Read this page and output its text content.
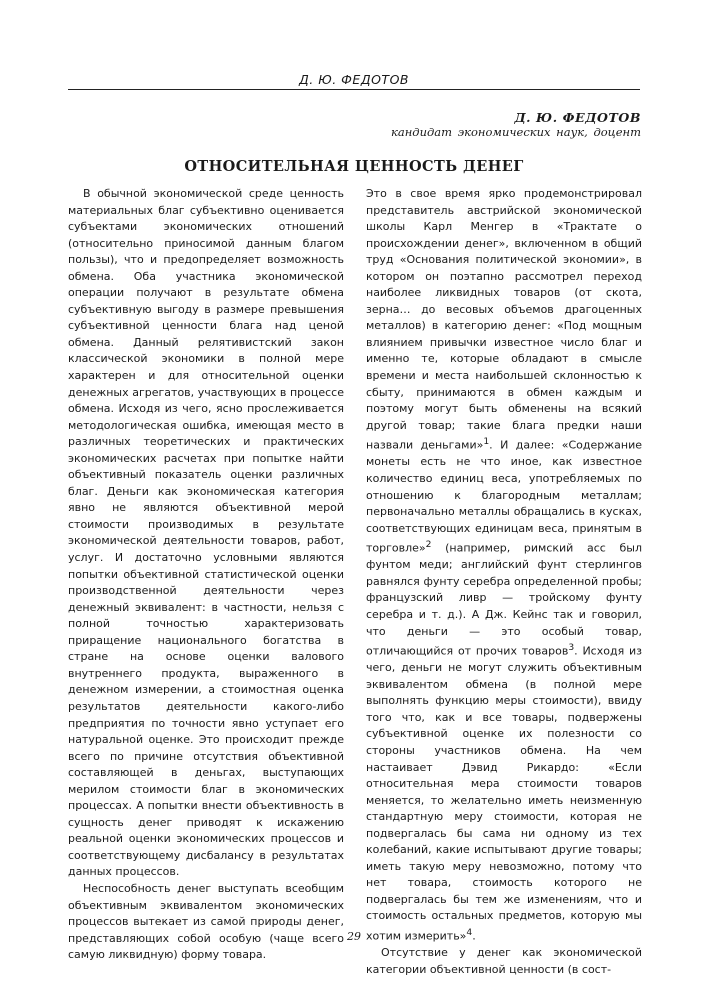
Д. Ю. ФЕДОТОВ
Д. Ю. ФЕДОТОВ
кандидат экономических наук, доцент
ОТНОСИТЕЛЬНАЯ ЦЕННОСТЬ ДЕНЕГ

В обычной экономической среде ценность материальных благ субъективно оценивается субъектами экономических отношений (относительно приносимой данным благом пользы), что и предопределяет возможность обмена. Оба участника экономической операции получают в результате обмена субъективную выгоду в размере превышения субъективной ценности блага над ценой обмена. Данный релятивистский закон классической экономики в полной мере характерен и для относительной оценки денежных агрегатов, участвующих в процессе обмена. Исходя из чего, ясно прослеживается методологическая ошибка, имеющая место в различных теоретических и практических экономических расчетах при попытке найти объективный показатель оценки различных благ. Деньги как экономическая категория явно не являются объективной мерой стоимости производимых в результате экономической деятельности товаров, работ, услуг. И достаточно условными являются попытки объективной статистической оценки производственной деятельности через денежный эквивалент: в частности, нельзя с полной точностью характеризовать приращение национального богатства в стране на основе оценки валового внутреннего продукта, выраженного в денежном измерении, а стоимостная оценка результатов деятельности какого-либо предприятия по точности явно уступает его натуральной оценке. Это происходит прежде всего по причине отсутствия объективной составляющей в деньгах, выступающих мерилом стоимости благ в экономических процессах. А попытки внести объективность в сущность денег приводят к искажению реальной оценки экономических процессов и соответствующему дисбалансу в результатах данных процессов.

Неспособность денег выступать всеобщим объективным эквивалентом экономических процессов вытекает из самой природы денег, представляющих собой особую (чаще всего самую ликвидную) форму товара.

Это в свое время ярко продемонстрировал представитель австрийской экономической школы Карл Менгер в «Трактате о происхождении денег», включенном в общий труд «Основания политической экономии», в котором он поэтапно рассмотрел переход наиболее ликвидных товаров (от скота, зерна… до весовых объемов драгоценных металлов) в категорию денег: «Под мощным влиянием привычки известное число благ и именно те, которые обладают в смысле времени и места наибольшей склонностью к сбыту, принимаются в обмен каждым и поэтому могут быть обменены на всякий другой товар; такие блага предки наши назвали деньгами»$^1$. И далее: «Содержание монеты есть не что иное, как известное количество единиц веса, употребляемых по отношению к благородным металлам; первоначально металлы обращались в кусках, соответствующих единицам веса, принятым в торговле»$^2$ (например, римский асс был фунтом меди; английский фунт стерлингов равнялся фунту серебра определенной пробы; французский ливр — тройскому фунту серебра и т. д.). А Дж. Кейнс так и говорил, что деньги — это особый товар, отличающийся от прочих товаров$^3$. Исходя из чего, деньги не могут служить объективным эквивалентом обмена (в полной мере выполнять функцию меры стоимости), ввиду того что, как и все товары, подвержены субъективной оценке их полезности со стороны участников обмена. На чем настаивает Дэвид Рикардо: «Если относительная мера стоимости товаров меняется, то желательно иметь неизменную стандартную меру стоимости, которая не подвергалась бы сама ни одному из тех колебаний, какие испытывают другие товары; иметь такую меру невозможно, потому что нет товара, стоимость которого не подвергалась бы тем же изменениям, что и стоимость остальных предметов, которую мы хотим измерить»$^4$.

Отсутствие у денег как экономической категории объективной ценности (в сост-

29
